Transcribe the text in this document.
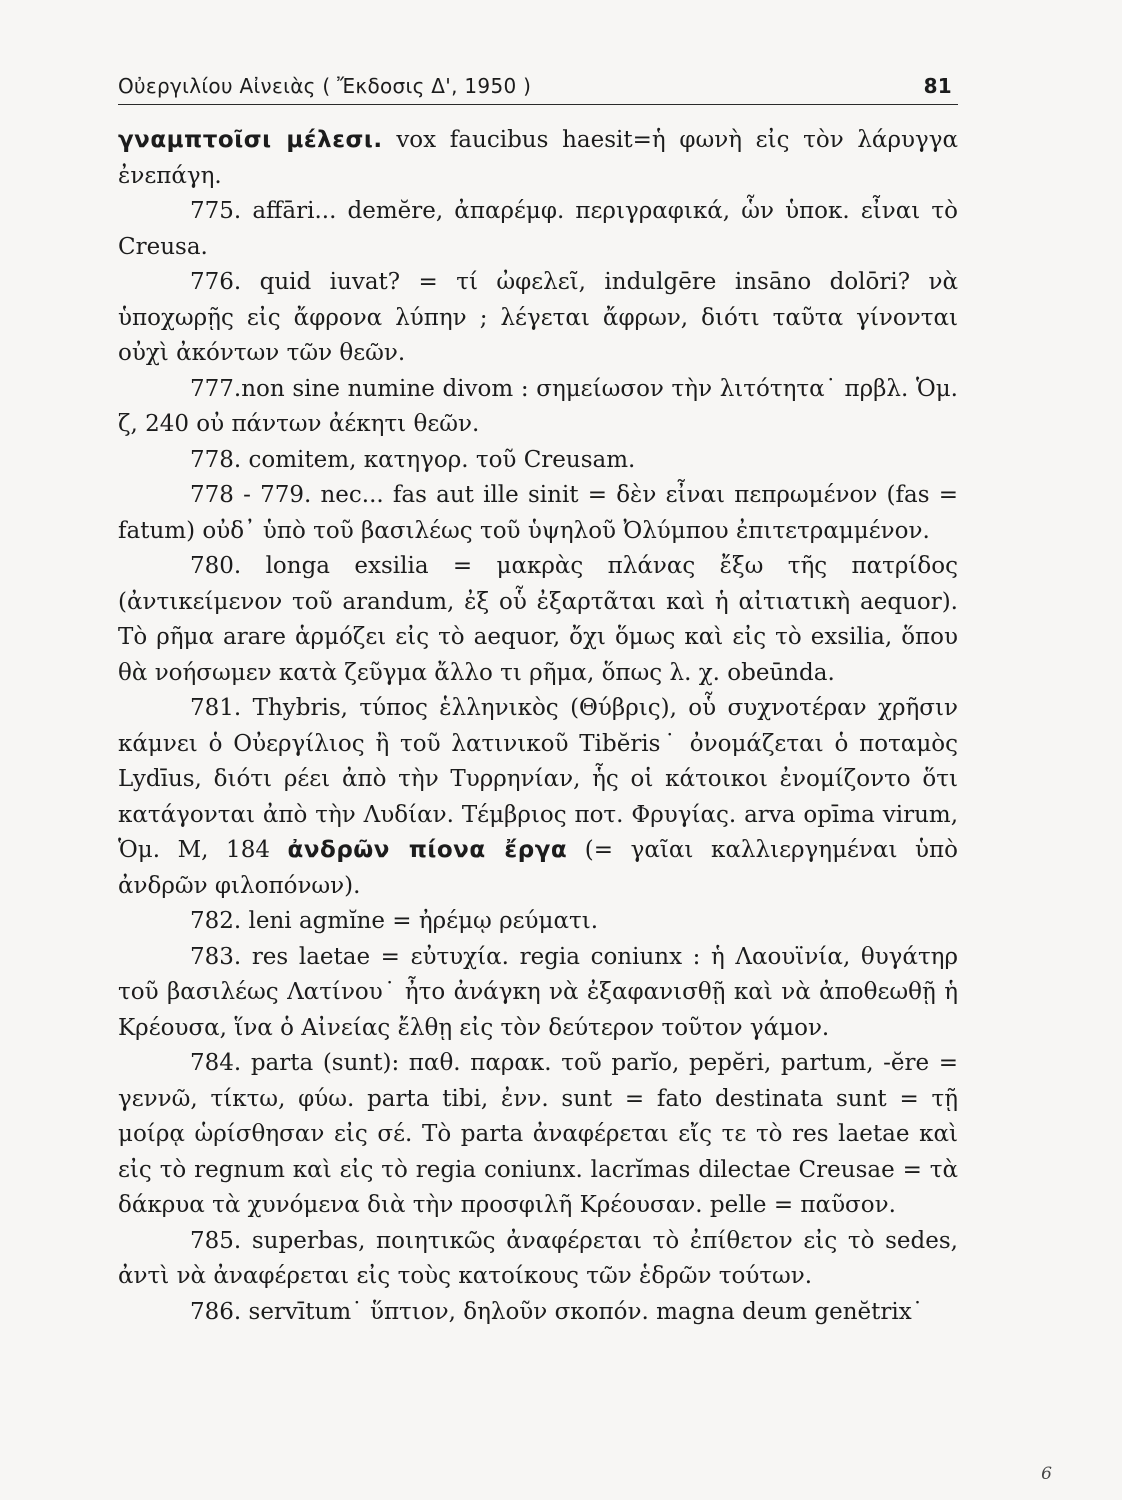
Οὐεργιλίου Αἰνειὰς ( Ἔκδοσις Δ', 1950 )	81

γναμπτοῖσι μέλεσι. vox faucibus haesit=ἡ φωνὴ εἰς τὸν λάρυγγα ἐνεπάγη.

775. affāri... demĕre, ἀπαρέμφ. περιγραφικά, ὧν ὑποκ. εἶναι τὸ Creusa.

776. quid iuvat? = τί ὠφελεῖ, indulgēre insāno dolōri? νὰ ὑποχωρῇς εἰς ἄφρονα λύπην ; λέγεται ἄφρων, διότι ταῦτα γίνονται οὐχὶ ἀκόντων τῶν θεῶν.

777.non sine numine divom : σημείωσον τὴν λιτότητα˙ πρβλ. Ὁμ. ζ, 240 οὐ πάντων ἀέκητι θεῶν.

778. comitem, κατηγορ. τοῦ Creusam.

778 - 779. nec... fas aut ille sinit = δὲν εἶναι πεπρωμένον (fas = fatum) οὐδ᾽ ὑπὸ τοῦ βασιλέως τοῦ ὑψηλοῦ Ὀλύμπου ἐπιτετραμμένον.

780. longa exsilia = μακρὰς πλάνας ἔξω τῆς πατρίδος (ἀντικείμενον τοῦ arandum, ἐξ οὗ ἐξαρτᾶται καὶ ἡ αἰτιατικὴ aequor). Τὸ ρῆμα arare ἁρμόζει εἰς τὸ aequor, ὄχι ὅμως καὶ εἰς τὸ exsilia, ὅπου θὰ νοήσωμεν κατὰ ζεῦγμα ἄλλο τι ρῆμα, ὅπως λ. χ. obeūnda.

781. Thybris, τύπος ἑλληνικὸς (Θύβρις), οὗ συχνοτέραν χρῆσιν κάμνει ὁ Οὐεργίλιος ἢ τοῦ λατινικοῦ Tibĕris˙ ὀνομάζεται ὁ ποταμὸς Lydīus, διότι ρέει ἀπὸ τὴν Τυρρηνίαν, ἧς οἱ κάτοικοι ἐνομίζοντο ὅτι κατάγονται ἀπὸ τὴν Λυδίαν. Τέμβριος ποτ. Φρυγίας. arva opīma virum, Ὁμ. Μ, 184 ἀνδρῶν πίονα ἔργα (= γαῖαι καλλιεργημέναι ὑπὸ ἀνδρῶν φιλοπόνων).

782. leni agmĭne = ἠρέμῳ ρεύματι.

783. res laetae = εὐτυχία. regia coniunx : ἡ Λαουϊνία, θυγάτηρ τοῦ βασιλέως Λατίνου˙ ἦτο ἀνάγκη νὰ ἐξαφανισθῇ καὶ νὰ ἀποθεωθῇ ἡ Κρέουσα, ἵνα ὁ Αἰνείας ἔλθῃ εἰς τὸν δεύτερον τοῦτον γάμον.

784. parta (sunt): παθ. παρακ. τοῦ parĭo, pepĕri, partum, -ĕre = γεννῶ, τίκτω, φύω. parta tibi, ἐνν. sunt = fato destinata sunt = τῇ μοίρᾳ ὡρίσθησαν εἰς σέ. Τὸ parta ἀναφέρεται εἴς τε τὸ res laetae καὶ εἰς τὸ regnum καὶ εἰς τὸ regia coniunx. lacrĭmas dilectae Creusae = τὰ δάκρυα τὰ χυνόμενα διὰ τὴν προσφιλῆ Κρέουσαν. pelle = παῦσον.

785. superbas, ποιητικῶς ἀναφέρεται τὸ ἐπίθετον εἰς τὸ sedes, ἀντὶ νὰ ἀναφέρεται εἰς τοὺς κατοίκους τῶν ἑδρῶν τούτων.

786. servītum˙ ὕπτιον, δηλοῦν σκοπόν. magna deum genĕtrix˙

6
